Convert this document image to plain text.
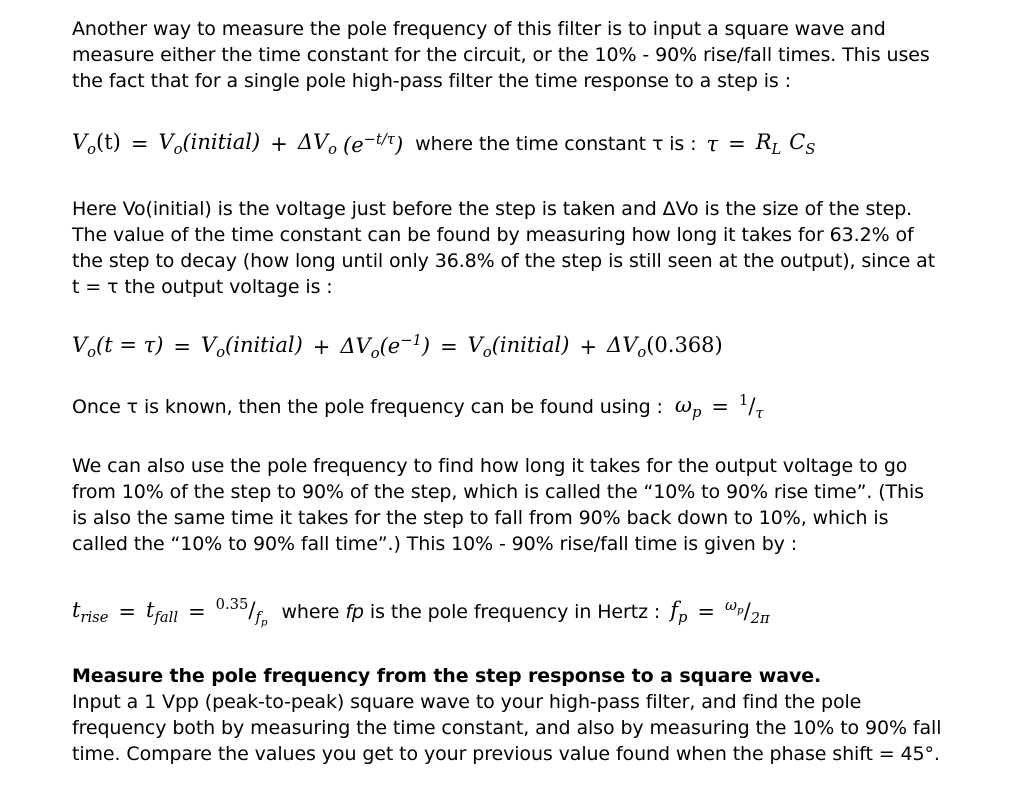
Another way to measure the pole frequency of this filter is to input a square wave and measure either the time constant for the circuit, or the 10% - 90% rise/fall times. This uses the fact that for a single pole high-pass filter the time response to a step is :

$V_o(t)$ = $V_o(initial) + \Delta V_o$ $(e^{-t/\tau})$ where the time constant τ is : $\tau = R_L$ $C_S$

Here Vo(initial) is the voltage just before the step is taken and ΔVo is the size of the step. The value of the time constant can be found by measuring how long it takes for 63.2% of the step to decay (how long until only 36.8% of the step is still seen at the output), since at t = τ the output voltage is :

$V_o(t = \tau)$ = $V_o(initial) + \Delta V_o(e^{-1})$ = $V_o(initial) + \Delta V_o(0.368)$
Once τ is known, then the pole frequency can be found using : $\omega_p = ^1/_\tau$

We can also use the pole frequency to find how long it takes for the output voltage to go from 10% of the step to 90% of the step, which is called the “10% to 90% rise time”. (This is also the same time it takes for the step to fall from 90% back down to 10%, which is called the “10% to 90% fall time”.) This 10% - 90% rise/fall time is given by :

$t_{rise} = t_{fall} = ^{0.35}/_{f_p}$ where fp is the pole frequency in Hertz : $f_p = ^{\omega_p}/_{2\pi}$

Measure the pole frequency from the step response to a square wave.

Input a 1 Vpp (peak-to-peak) square wave to your high-pass filter, and find the pole frequency both by measuring the time constant, and also by measuring the 10% to 90% fall time. Compare the values you get to your previous value found when the phase shift = 45°.
